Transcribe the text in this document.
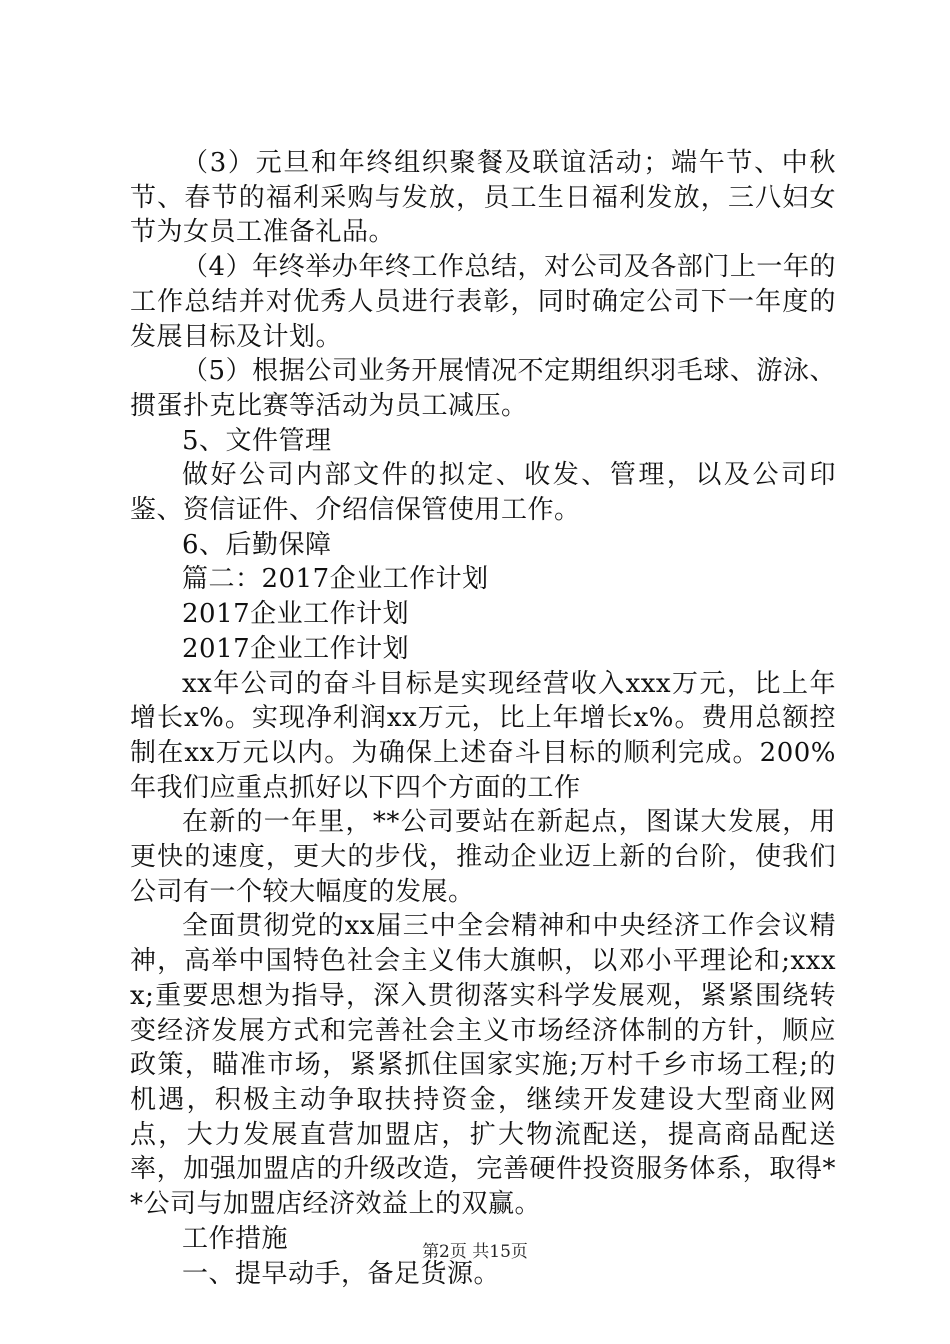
（3）元旦和年终组织聚餐及联谊活动；端午节、中秋节、春节的福利采购与发放，员工生日福利发放，三八妇女节为女员工准备礼品。

（4）年终举办年终工作总结，对公司及各部门上一年的工作总结并对优秀人员进行表彰，同时确定公司下一年度的发展目标及计划。

（5）根据公司业务开展情况不定期组织羽毛球、游泳、掼蛋扑克比赛等活动为员工减压。

5、文件管理

做好公司内部文件的拟定、收发、管理，以及公司印鉴、资信证件、介绍信保管使用工作。

6、后勤保障

篇二：2017企业工作计划

2017企业工作计划

2017企业工作计划

xx年公司的奋斗目标是实现经营收入xxx万元，比上年增长x%。实现净利润xx万元，比上年增长x%。费用总额控制在xx万元以内。为确保上述奋斗目标的顺利完成。200%年我们应重点抓好以下四个方面的工作

在新的一年里，**公司要站在新起点，图谋大发展，用更快的速度，更大的步伐，推动企业迈上新的台阶，使我们公司有一个较大幅度的发展。

全面贯彻党的xx届三中全会精神和中央经济工作会议精神，高举中国特色社会主义伟大旗帜，以邓小平理论和;xxxx;重要思想为指导，深入贯彻落实科学发展观，紧紧围绕转变经济发展方式和完善社会主义市场经济体制的方针，顺应政策，瞄准市场，紧紧抓住国家实施;万村千乡市场工程;的机遇，积极主动争取扶持资金，继续开发建设大型商业网点，大力发展直营加盟店，扩大物流配送，提高商品配送率，加强加盟店的升级改造，完善硬件投资服务体系，取得**公司与加盟店经济效益上的双赢。

工作措施

一、提早动手，备足货源。

第2页 共15页
